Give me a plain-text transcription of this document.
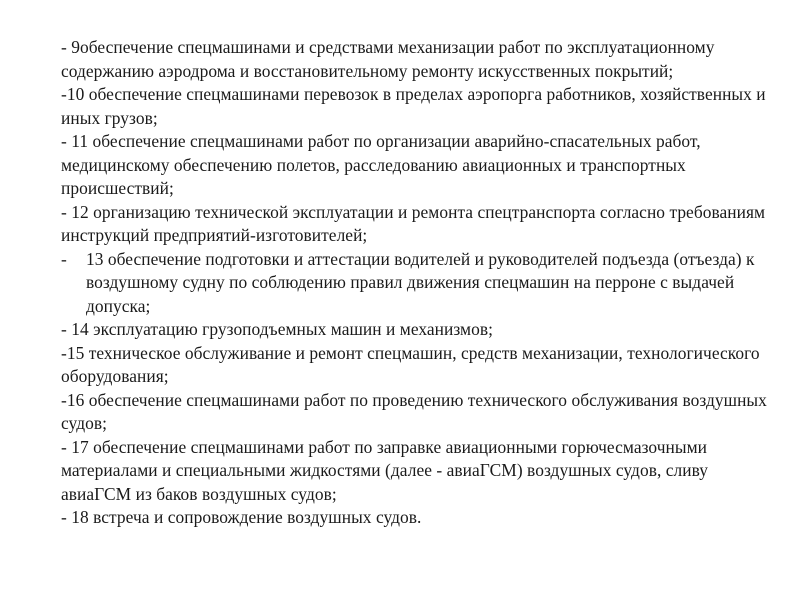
- 9обеспечение спецмашинами и средствами механизации работ по эксплуатационному содержанию аэродрома и восстановительному ремонту искусственных покрытий;

-10 обеспечение спецмашинами перевозок в пределах аэропорга работников, хозяйственных и иных грузов;

- 11 обеспечение спецмашинами работ по организации аварийно-спасательных работ, медицинскому обеспечению полетов, расследованию авиационных и транспортных происшествий;

- 12 организацию технической эксплуатации и ремонта спецтранспорта согласно требованиям инструкций предприятий-изготовителей;

- 13 обеспечение подготовки и аттестации водителей и руководителей подъезда (отъезда) к воздушному судну по соблюдению правил движения спецмашин на перроне с выдачей допуска;

- 14 эксплуатацию грузоподъемных машин и механизмов;

-15 техническое обслуживание и ремонт спецмашин, средств механизации, технологического оборудования;

-16 обеспечение спецмашинами работ по проведению технического обслуживания воздушных судов;

- 17 обеспечение спецмашинами работ по заправке авиационными горючесмазочными материалами и специальными жидкостями (далее - авиаГСМ) воздушных судов, сливу авиаГСМ из баков воздушных судов;

- 18 встреча и сопровождение воздушных судов.
